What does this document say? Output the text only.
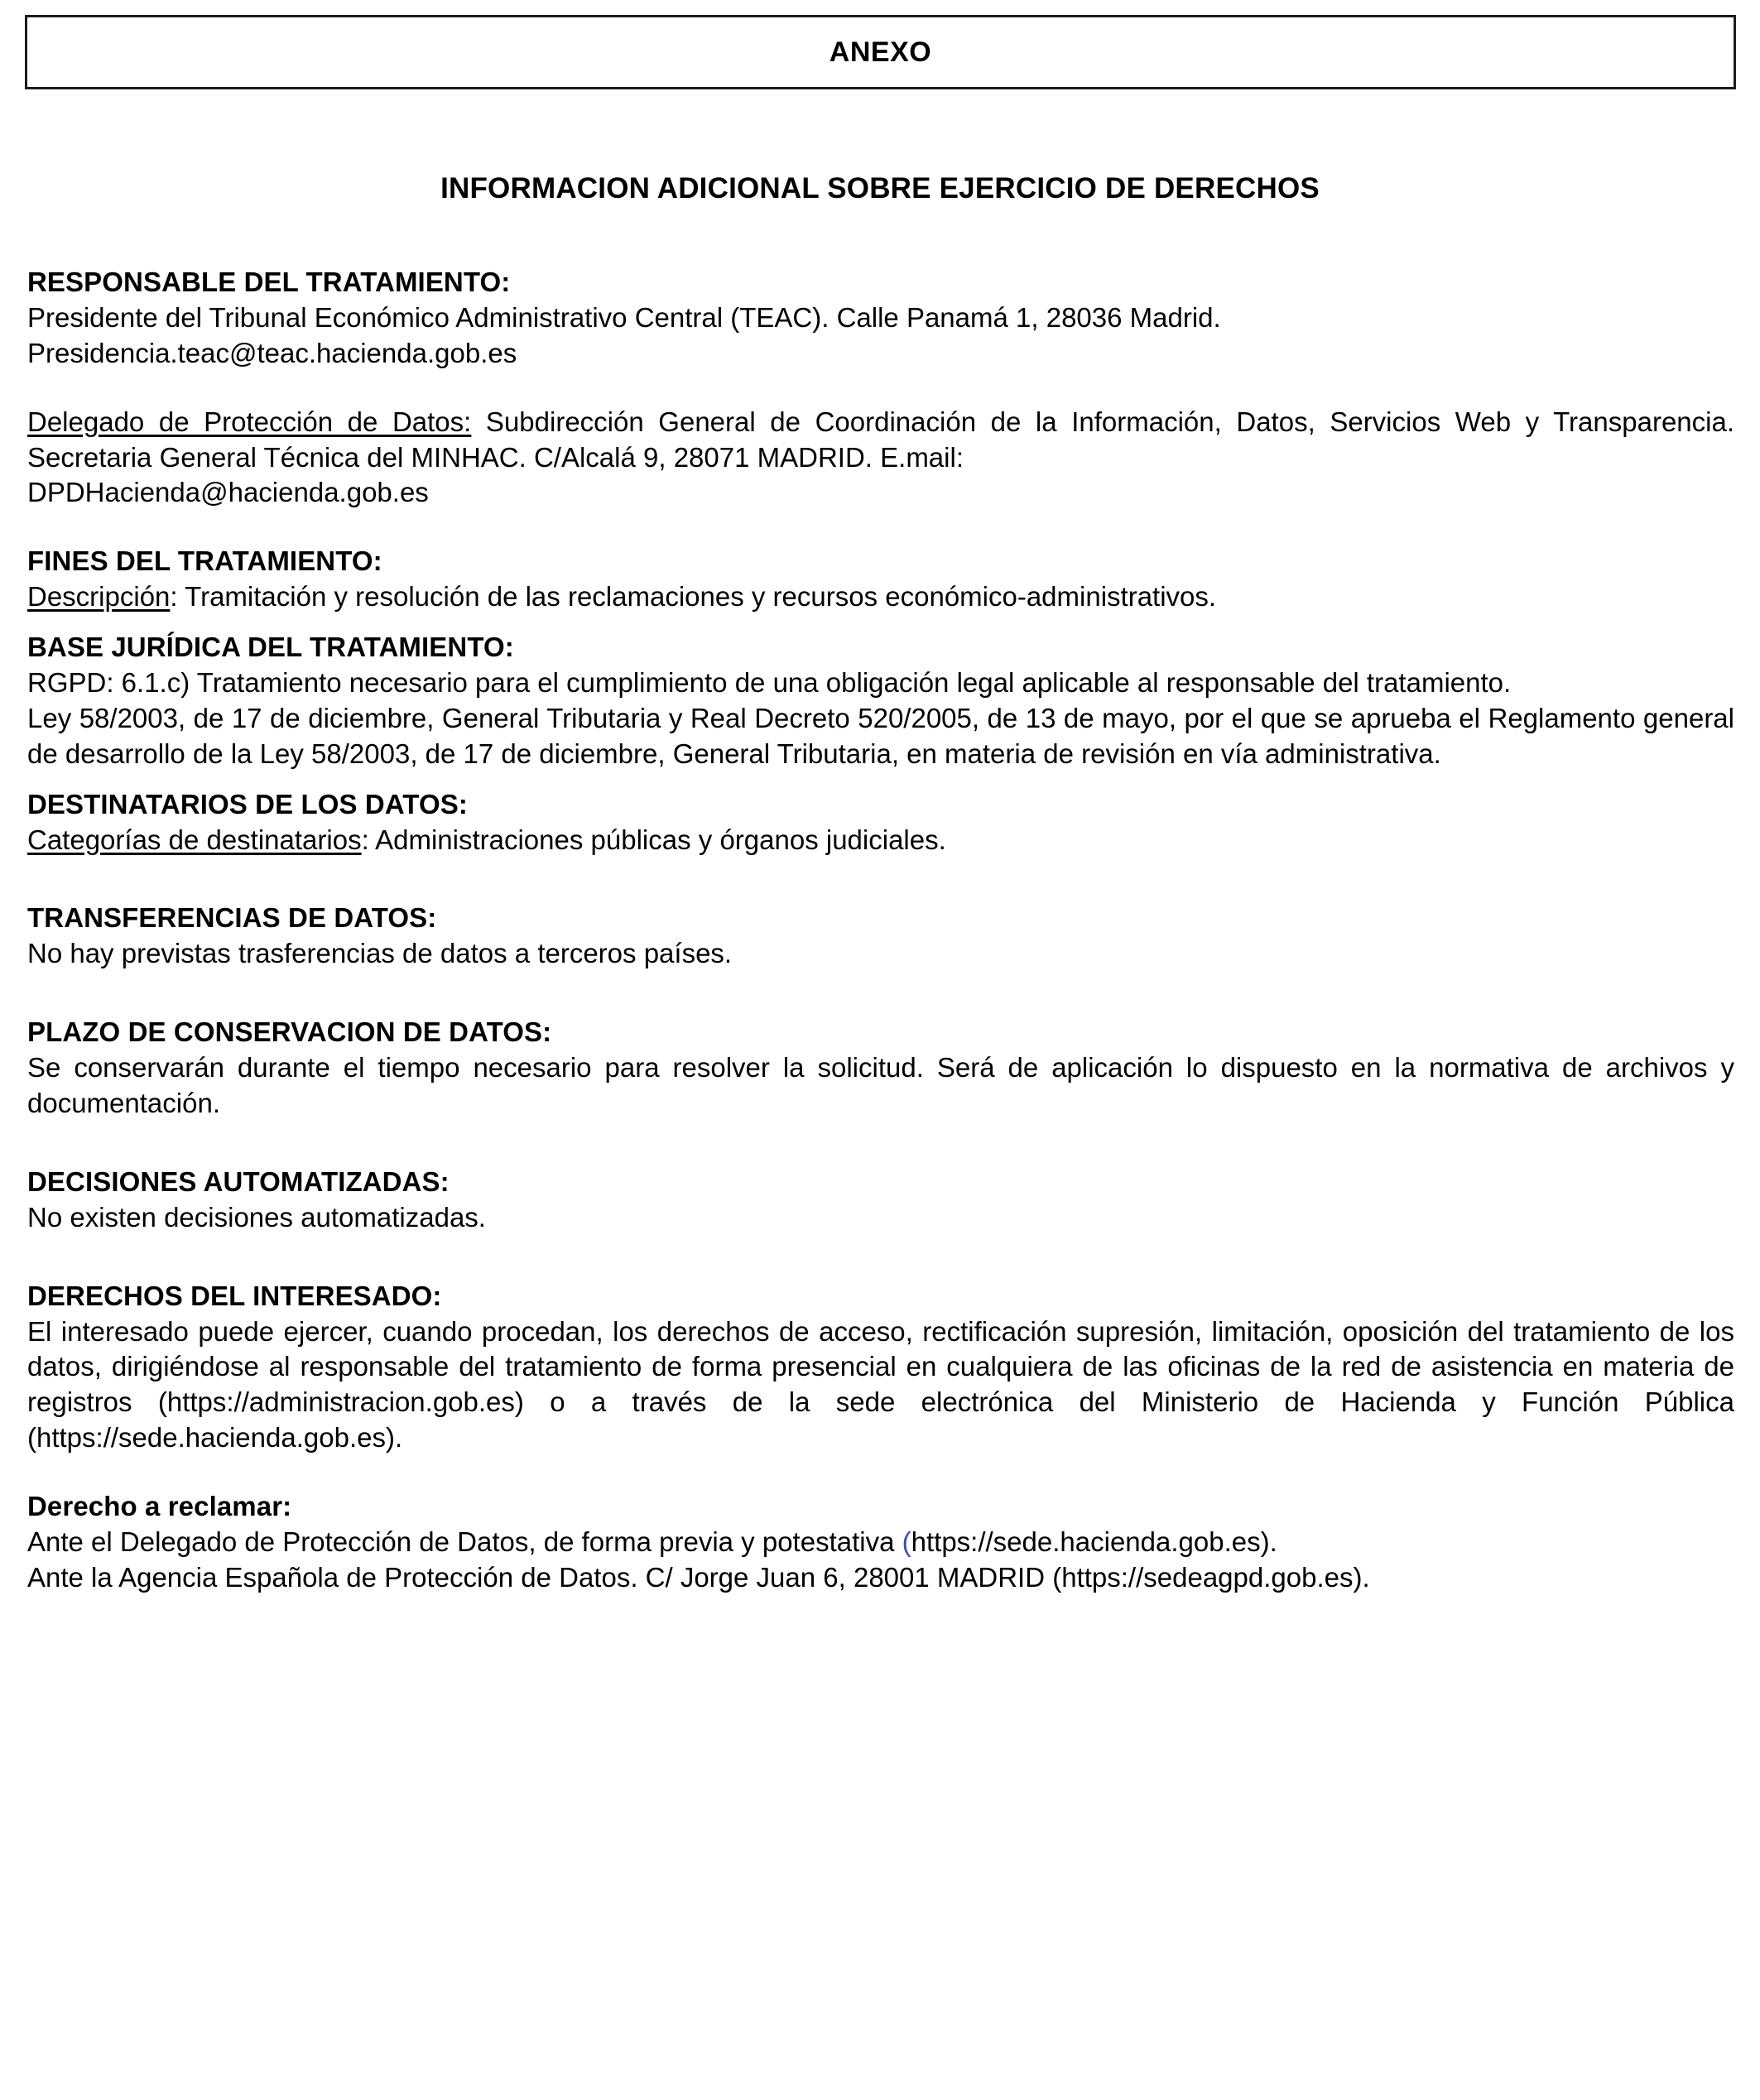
ANEXO
INFORMACION ADICIONAL SOBRE EJERCICIO DE DERECHOS
RESPONSABLE DEL TRATAMIENTO:

Presidente del Tribunal Económico Administrativo Central (TEAC). Calle Panamá 1, 28036 Madrid.

Presidencia.teac@teac.hacienda.gob.es

Delegado de Protección de Datos: Subdirección General de Coordinación de la Información, Datos, Servicios Web y Transparencia. Secretaria General Técnica del MINHAC. C/Alcalá 9, 28071 MADRID. E.mail:

DPDHacienda@hacienda.gob.es

FINES DEL TRATAMIENTO:

Descripción: Tramitación y resolución de las reclamaciones y recursos económico-administrativos.

BASE JURÍDICA DEL TRATAMIENTO:

RGPD: 6.1.c) Tratamiento necesario para el cumplimiento de una obligación legal aplicable al responsable del tratamiento.

Ley 58/2003, de 17 de diciembre, General Tributaria y Real Decreto 520/2005, de 13 de mayo, por el que se aprueba el Reglamento general de desarrollo de la Ley 58/2003, de 17 de diciembre, General Tributaria, en materia de revisión en vía administrativa.

DESTINATARIOS DE LOS DATOS:

Categorías de destinatarios: Administraciones públicas y órganos judiciales.

TRANSFERENCIAS DE DATOS:

No hay previstas trasferencias de datos a terceros países.

PLAZO DE CONSERVACION DE DATOS:

Se conservarán durante el tiempo necesario para resolver la solicitud. Será de aplicación lo dispuesto en la normativa de archivos y documentación.

DECISIONES AUTOMATIZADAS:

No existen decisiones automatizadas.

DERECHOS DEL INTERESADO:

El interesado puede ejercer, cuando procedan, los derechos de acceso, rectificación supresión, limitación, oposición del tratamiento de los datos, dirigiéndose al responsable del tratamiento de forma presencial en cualquiera de las oficinas de la red de asistencia en materia de registros (https://administracion.gob.es) o a través de la sede electrónica del Ministerio de Hacienda y Función Pública (https://sede.hacienda.gob.es).

Derecho a reclamar:

Ante el Delegado de Protección de Datos, de forma previa y potestativa (https://sede.hacienda.gob.es).

Ante la Agencia Española de Protección de Datos. C/ Jorge Juan 6, 28001 MADRID (https://sedeagpd.gob.es).
